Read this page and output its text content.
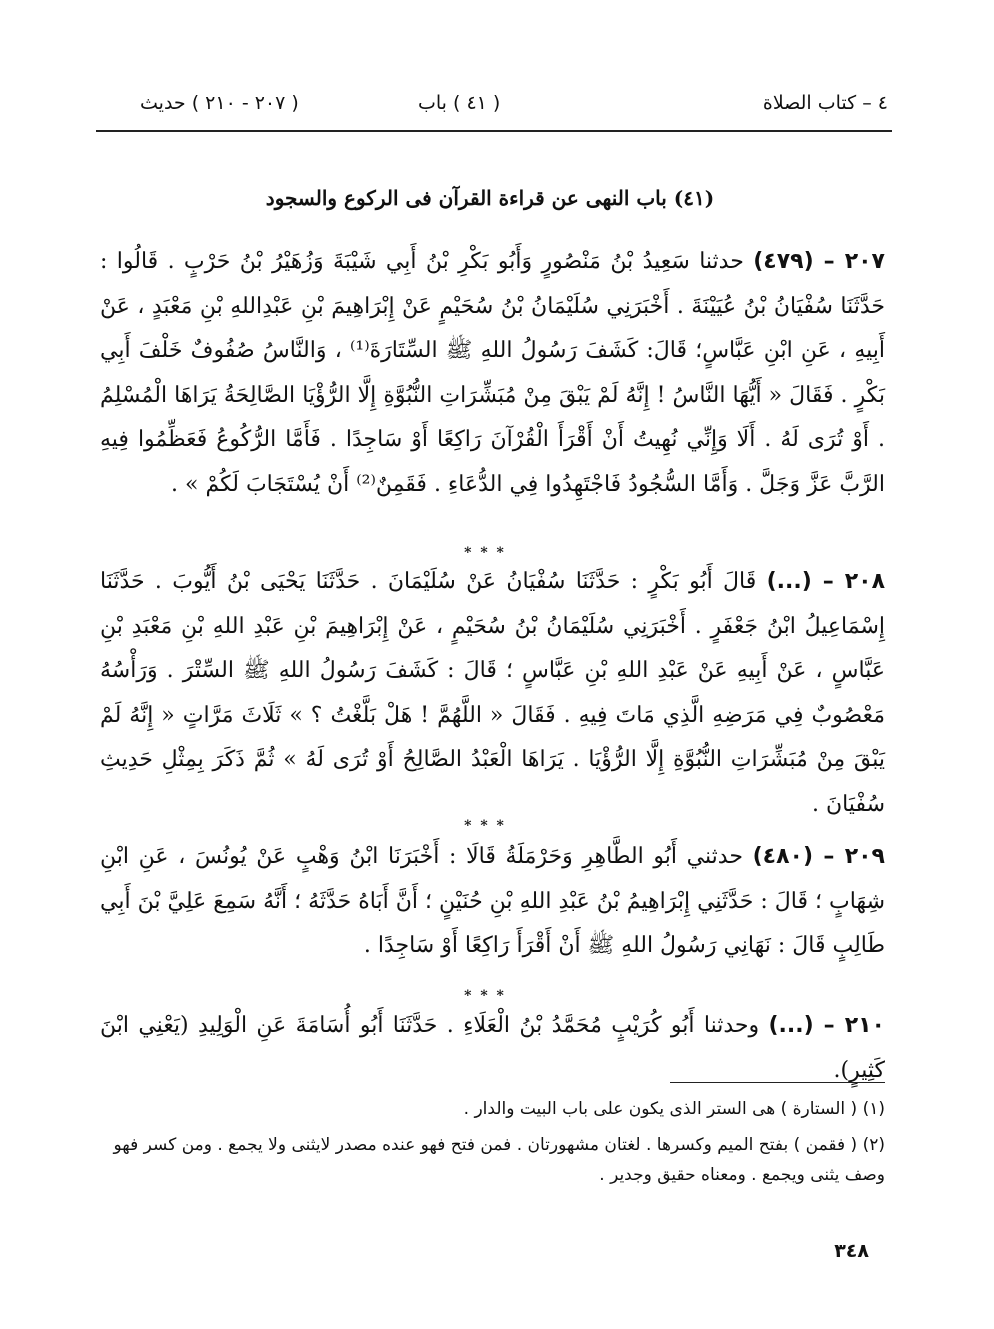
٤ – كتاب الصلاة
( ٤١ ) باب
( ٢٠٧ - ٢١٠ ) حديث
(٤١) باب النهى عن قراءة القرآن فى الركوع والسجود
٢٠٧ – (٤٧٩) حدثنا سَعِيدُ بْنُ مَنْصُورٍ وَأَبُو بَكْرِ بْنُ أَبِي شَيْبَةَ وَزُهَيْرُ بْنُ حَرْبٍ . قَالُوا : حَدَّثَنَا سُفْيَانُ بْنُ عُيَيْنَةَ . أَخْبَرَنِي سُلَيْمَانُ بْنُ سُحَيْمٍ عَنْ إِبْرَاهِيمَ بْنِ عَبْدِاللهِ بْنِ مَعْبَدٍ ، عَنْ أَبِيهِ ، عَنِ ابْنِ عَبَّاسٍ؛ قَالَ: كَشَفَ رَسُولُ اللهِ ﷺ السِّتَارَةَ⁽¹⁾ ، وَالنَّاسُ صُفُوفٌ خَلْفَ أَبِي بَكْرٍ . فَقَالَ « أَيُّهَا النَّاسُ ! إِنَّهُ لَمْ يَبْقَ مِنْ مُبَشِّرَاتِ النُّبُوَّةِ إِلَّا الرُّؤْيَا الصَّالِحَةُ يَرَاهَا الْمُسْلِمُ . أَوْ تُرَى لَهُ . أَلَا وَإِنِّي نُهِيتُ أَنْ أَقْرَأَ الْقُرْآنَ رَاكِعًا أَوْ سَاجِدًا . فَأَمَّا الرُّكُوعُ فَعَظِّمُوا فِيهِ الرَّبَّ عَزَّ وَجَلَّ . وَأَمَّا السُّجُودُ فَاجْتَهِدُوا فِي الدُّعَاءِ . فَقَمِنٌ⁽²⁾ أَنْ يُسْتَجَابَ لَكُمْ » .
* * *
٢٠٨ – (...) قَالَ أَبُو بَكْرٍ : حَدَّثَنَا سُفْيَانُ عَنْ سُلَيْمَانَ . حَدَّثَنَا يَحْيَى بْنُ أَيُّوبَ . حَدَّثَنَا إِسْمَاعِيلُ ابْنُ جَعْفَرٍ . أَخْبَرَنِي سُلَيْمَانُ بْنُ سُحَيْمٍ ، عَنْ إِبْرَاهِيمَ بْنِ عَبْدِ اللهِ بْنِ مَعْبَدِ بْنِ عَبَّاسٍ ، عَنْ أَبِيهِ عَنْ عَبْدِ اللهِ بْنِ عَبَّاسٍ ؛ قَالَ : كَشَفَ رَسُولُ اللهِ ﷺ السِّتْرَ . وَرَأْسُهُ مَعْصُوبٌ فِي مَرَضِهِ الَّذِي مَاتَ فِيهِ . فَقَالَ « اللَّهُمَّ ! هَلْ بَلَّغْتُ ؟ » ثَلَاثَ مَرَّاتٍ « إِنَّهُ لَمْ يَبْقَ مِنْ مُبَشِّرَاتِ النُّبُوَّةِ إِلَّا الرُّؤْيَا . يَرَاهَا الْعَبْدُ الصَّالِحُ أَوْ تُرَى لَهُ » ثُمَّ ذَكَرَ بِمِثْلِ حَدِيثِ سُفْيَانَ .
* * *
٢٠٩ – (٤٨٠) حدثني أَبُو الطَّاهِرِ وَحَرْمَلَةُ قَالَا : أَخْبَرَنَا ابْنُ وَهْبٍ عَنْ يُونُسَ ، عَنِ ابْنِ شِهَابٍ ؛ قَالَ : حَدَّثَنِي إِبْرَاهِيمُ بْنُ عَبْدِ اللهِ بْنِ حُنَيْنٍ ؛ أَنَّ أَبَاهُ حَدَّثَهُ ؛ أَنَّهُ سَمِعَ عَلِيَّ بْنَ أَبِي طَالِبٍ قَالَ : نَهَانِي رَسُولُ اللهِ ﷺ أَنْ أَقْرَأَ رَاكِعًا أَوْ سَاجِدًا .
* * *
٢١٠ – (...) وحدثنا أَبُو كُرَيْبٍ مُحَمَّدُ بْنُ الْعَلَاءِ . حَدَّثَنَا أَبُو أُسَامَةَ عَنِ الْوَلِيدِ (يَعْنِي ابْنَ كَثِيرٍ).
(١) ( الستارة ) هى الستر الذى يكون على باب البيت والدار .
(٢) ( فقمن ) بفتح الميم وكسرها . لغتان مشهورتان . فمن فتح فهو عنده مصدر لايثنى ولا يجمع . ومن كسر فهو وصف يثنى ويجمع . ومعناه حقيق وجدير .
٣٤٨
